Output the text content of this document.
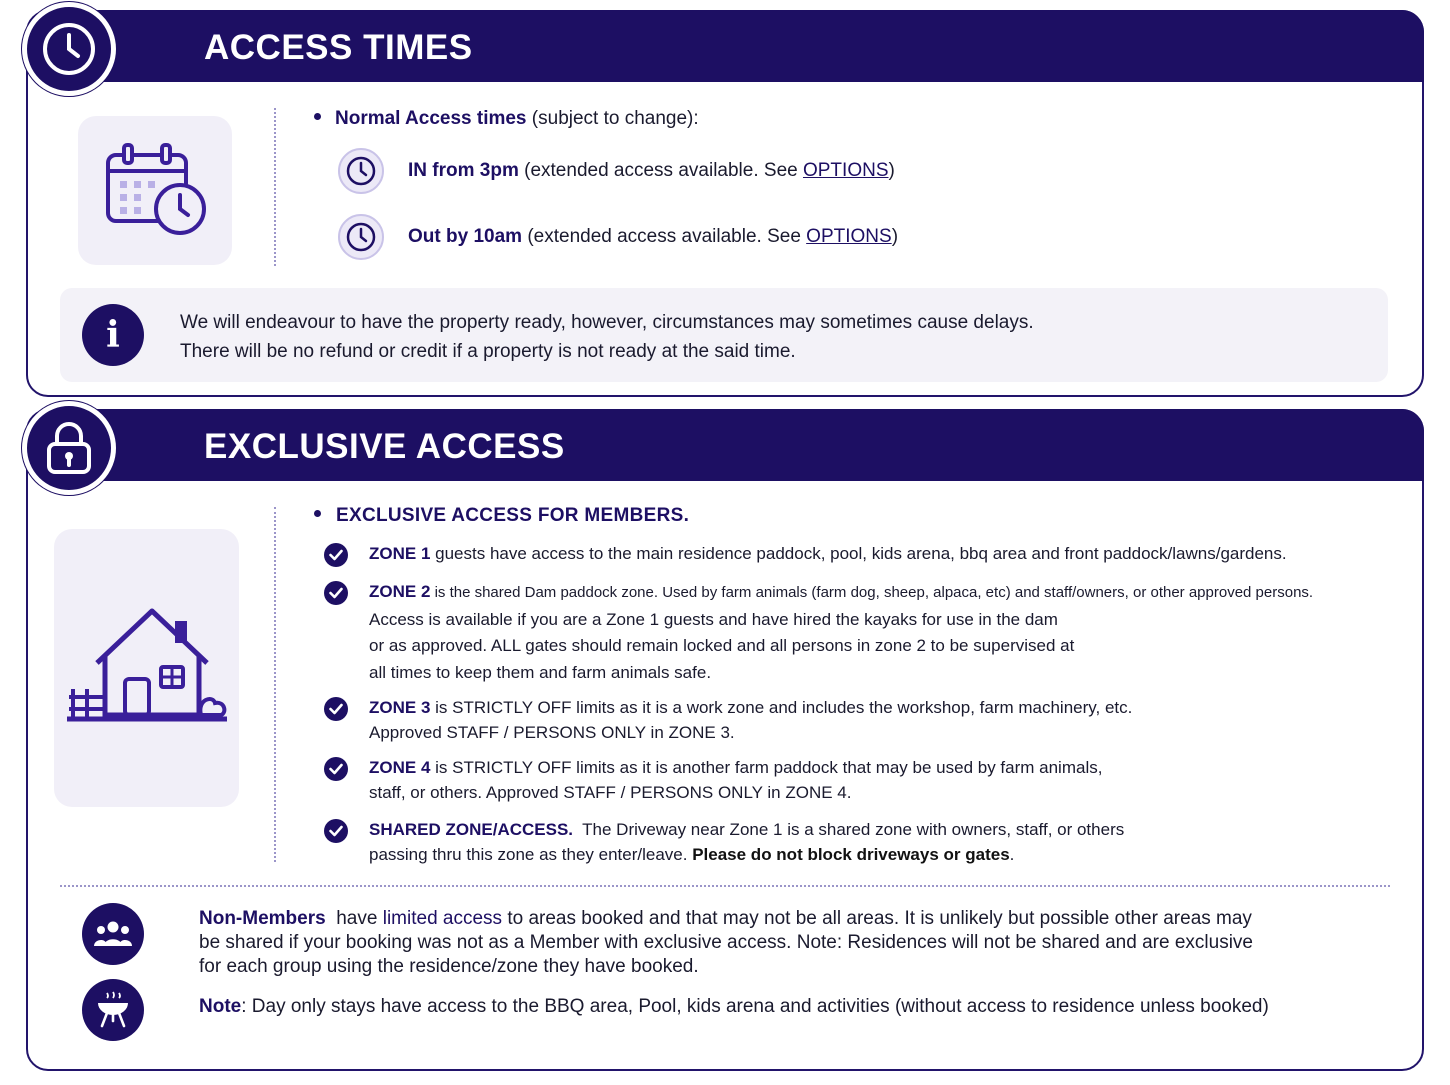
ACCESS TIMES
Normal Access times (subject to change):
IN from 3pm (extended access available. See OPTIONS )
Out by 10am (extended access available. See OPTIONS )
i	We will endeavour to have the property ready, however, circumstances may sometimes cause delays.
There will be no refund or credit if a property is not ready at the said time.
EXCLUSIVE ACCESS
EXCLUSIVE ACCESS FOR MEMBERS.
ZONE 1 guests have access to the main residence paddock, pool, kids arena, bbq area and front paddock/lawns/gardens.
ZONE 2 is the shared Dam paddock zone. Used by farm animals (farm dog, sheep, alpaca, etc) and staff/owners, or other approved persons.
Access is available if you are a Zone 1 guests and have hired the kayaks for use in the dam
or as approved. ALL gates should remain locked and all persons in zone 2 to be supervised at
all times to keep them and farm animals safe.
ZONE 3 is STRICTLY OFF limits as it is a work zone and includes the workshop, farm machinery, etc.
Approved STAFF / PERSONS ONLY in ZONE 3.
ZONE 4 is STRICTLY OFF limits as it is another farm paddock that may be used by farm animals,
staff, or others. Approved STAFF / PERSONS ONLY in ZONE 4.
SHARED ZONE/ACCESS.  The Driveway near Zone 1 is a shared zone with owners, staff, or others
passing thru this zone as they enter/leave. Please do not block driveways or gates.
Non-Members  have limited access to areas booked and that may not be all areas. It is unlikely but possible other areas may be shared if your booking was not as a Member with exclusive access. Note: Residences will not be shared and are exclusive for each group using the residence/zone they have booked.
Note: Day only stays have access to the BBQ area, Pool, kids arena and activities (without access to residence unless booked)
